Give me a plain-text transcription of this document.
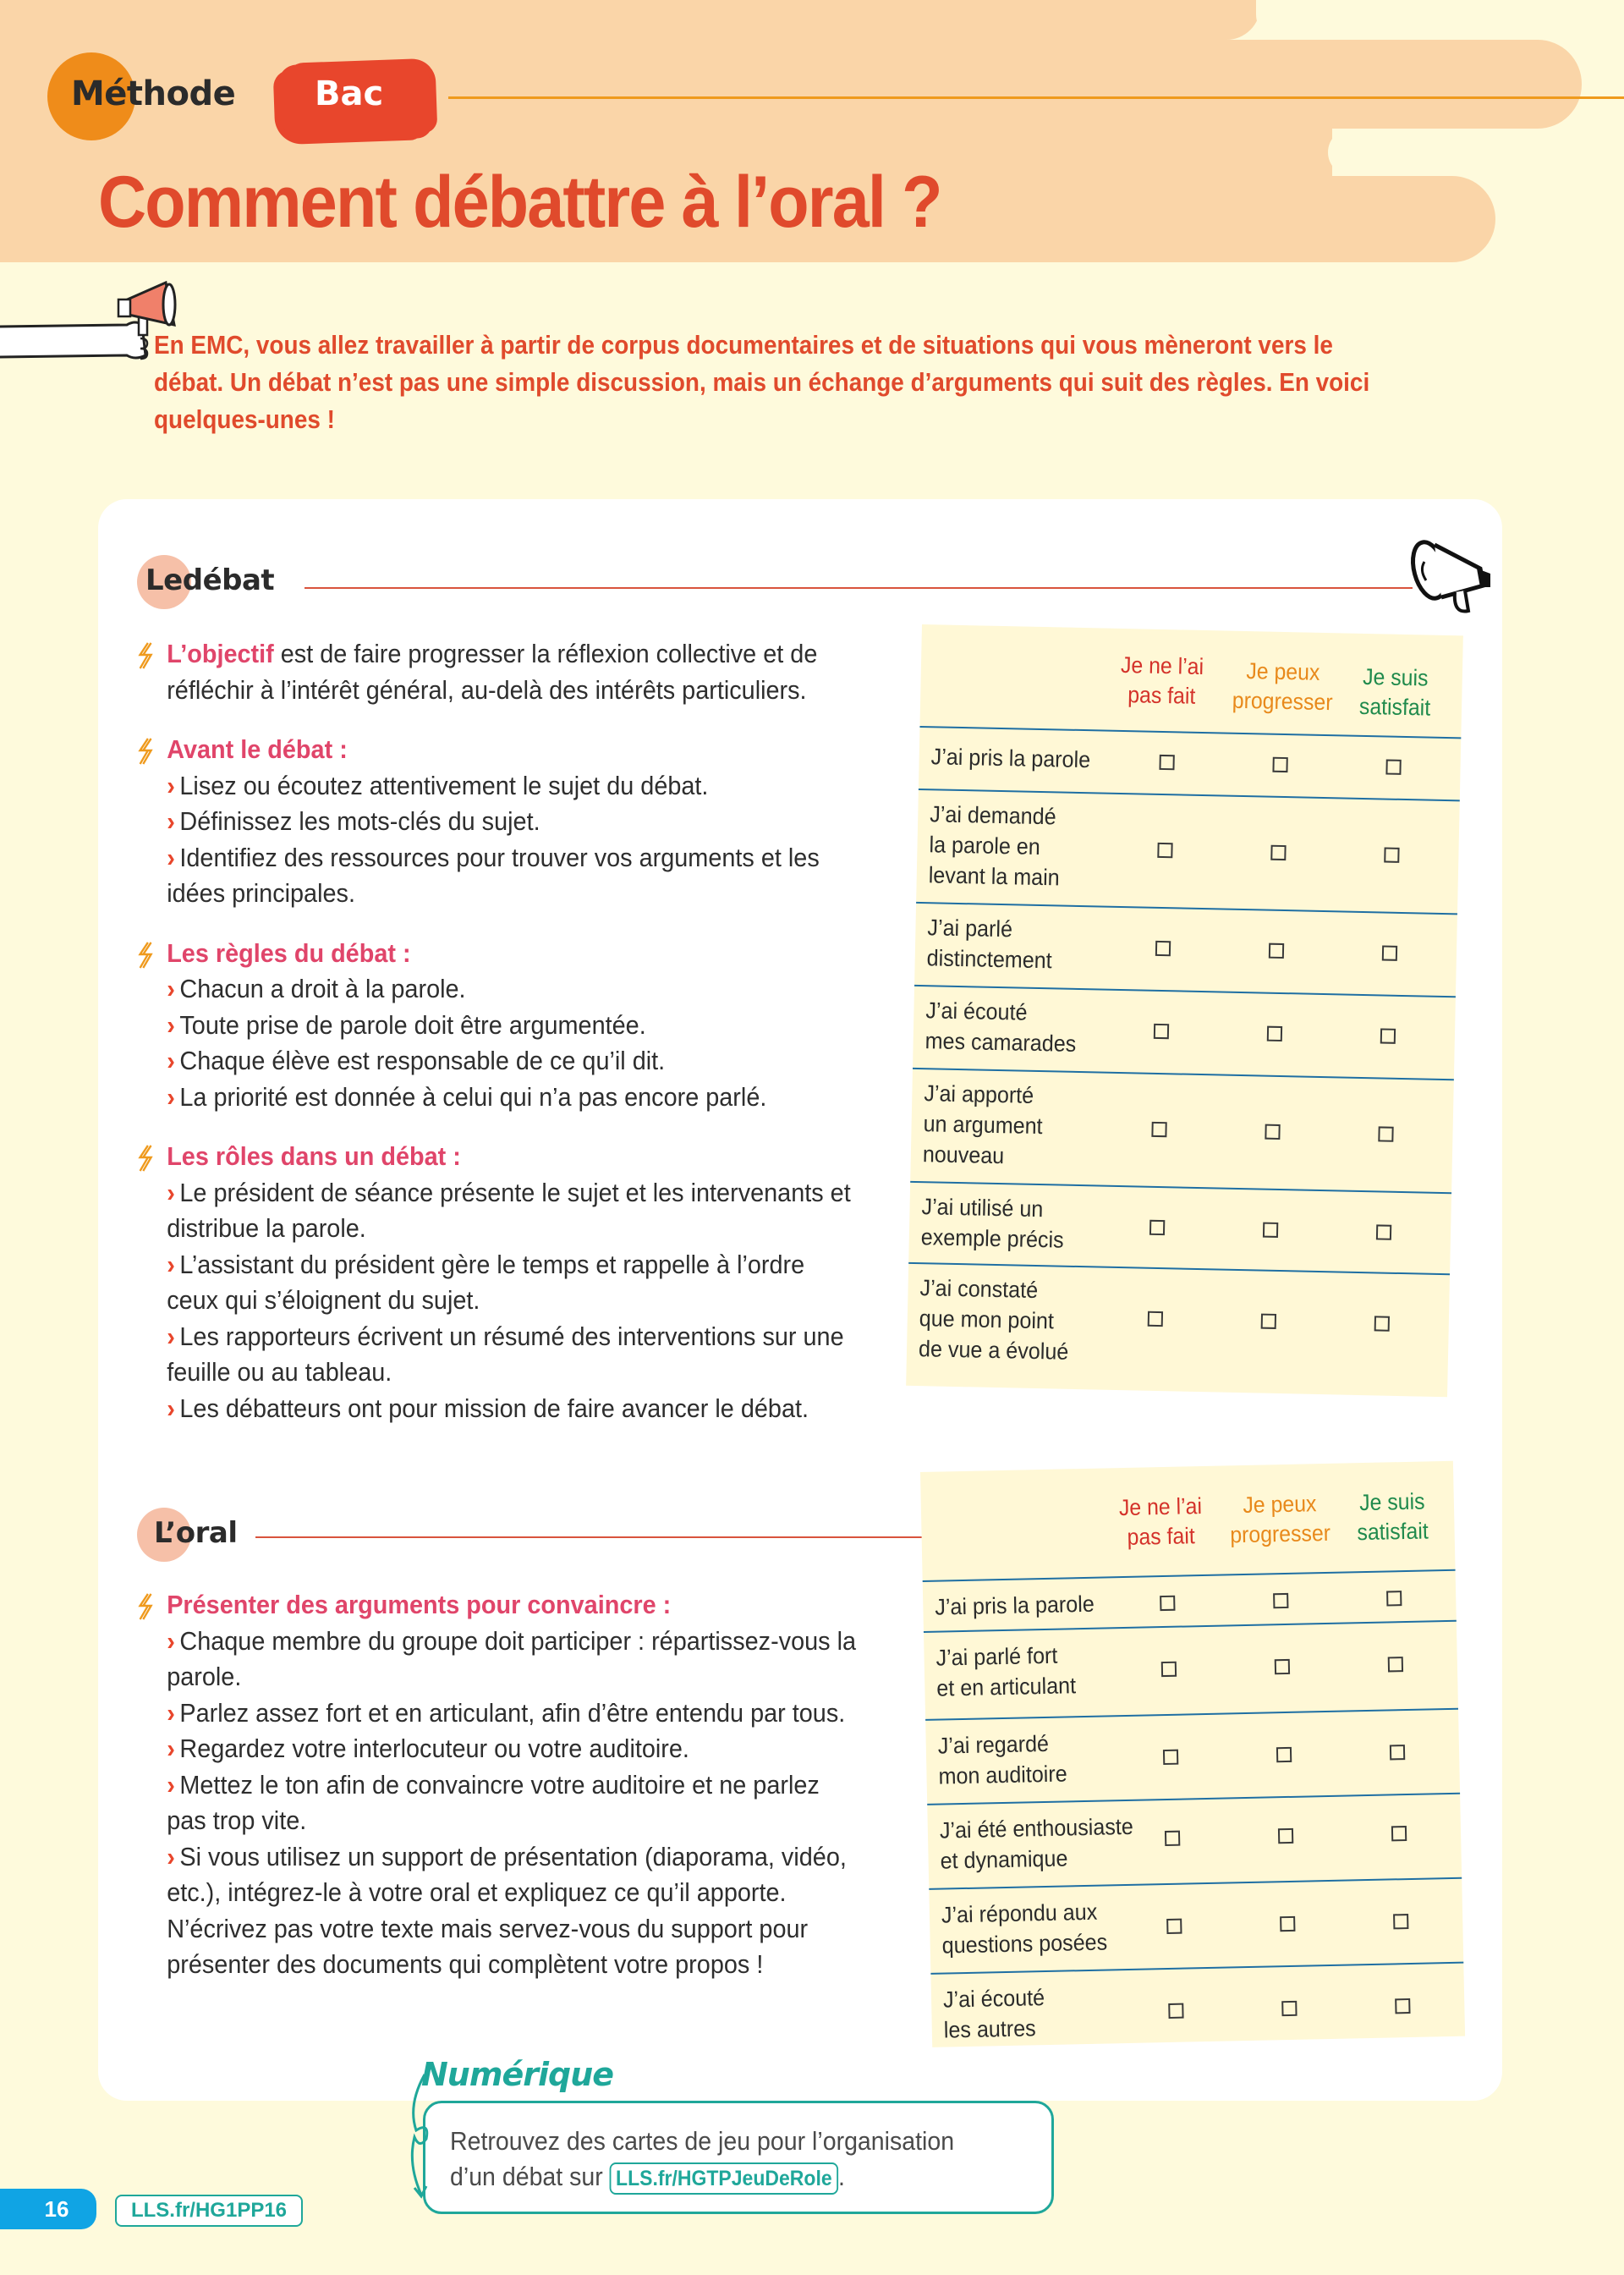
Méthode Bac
Comment débattre à l’oral ?

En EMC, vous allez travailler à partir de corpus documentaires et de situations qui vous mèneront vers le débat. Un débat n’est pas une simple discussion, mais un échange d’arguments qui suit des règles. En voici quelques-unes !

Le débat
L’objectif est de faire progresser la réflexion collective et de réfléchir à l’intérêt général, au-delà des intérêts particuliers.
Avant le débat :
› Lisez ou écoutez attentivement le sujet du débat.
› Définissez les mots-clés du sujet.
› Identifiez des ressources pour trouver vos arguments et les idées principales.
Les règles du débat :
› Chacun a droit à la parole.
› Toute prise de parole doit être argumentée.
› Chaque élève est responsable de ce qu’il dit.
› La priorité est donnée à celui qui n’a pas encore parlé.
Les rôles dans un débat :
› Le président de séance présente le sujet et les intervenants et distribue la parole.
› L’assistant du président gère le temps et rappelle à l’ordre ceux qui s’éloignent du sujet.
› Les rapporteurs écrivent un résumé des interventions sur une feuille ou au tableau.
› Les débatteurs ont pour mission de faire avancer le débat.
L’o ral
Présenter des arguments pour convaincre :
› Chaque membre du groupe doit participer : répartissez-vous la parole.
› Parlez assez fort et en articulant, afin d’être entendu par tous.
› Regardez votre interlocuteur ou votre auditoire.
› Mettez le ton afin de convaincre votre auditoire et ne parlez pas trop vite.
› Si vous utilisez un support de présentation (diaporama, vidéo, etc.), intégrez-le à votre oral et expliquez ce qu’il apporte. N’écrivez pas votre texte mais servez-vous du support pour présenter des documents qui complètent votre propos !
Je ne l’ai
pas fait
Je peux
progresser
Je suis
satisfait
J’ai pris la parole
J’ai demandé
la parole en
levant la main
J’ai parlé
distinctement
J’ai écouté
mes camarades
J’ai apporté
un argument
nouveau
J’ai utilisé un
exemple précis
J’ai constaté
que mon point
de vue a évolué
Je ne l’ai
pas fait
Je peux
progresser
Je suis
satisfait
J’ai pris la parole
J’ai parlé fort
et en articulant
J’ai regardé
mon auditoire
J’ai été enthousiaste
et dynamique
J’ai répondu aux
questions posées
J’ai écouté
les autres
Numérique
Retrouvez des cartes de jeu pour l’organisation d’un débat sur LLS.fr/HGTPJeuDeRole .
16	LLS.fr/HG1PP16
